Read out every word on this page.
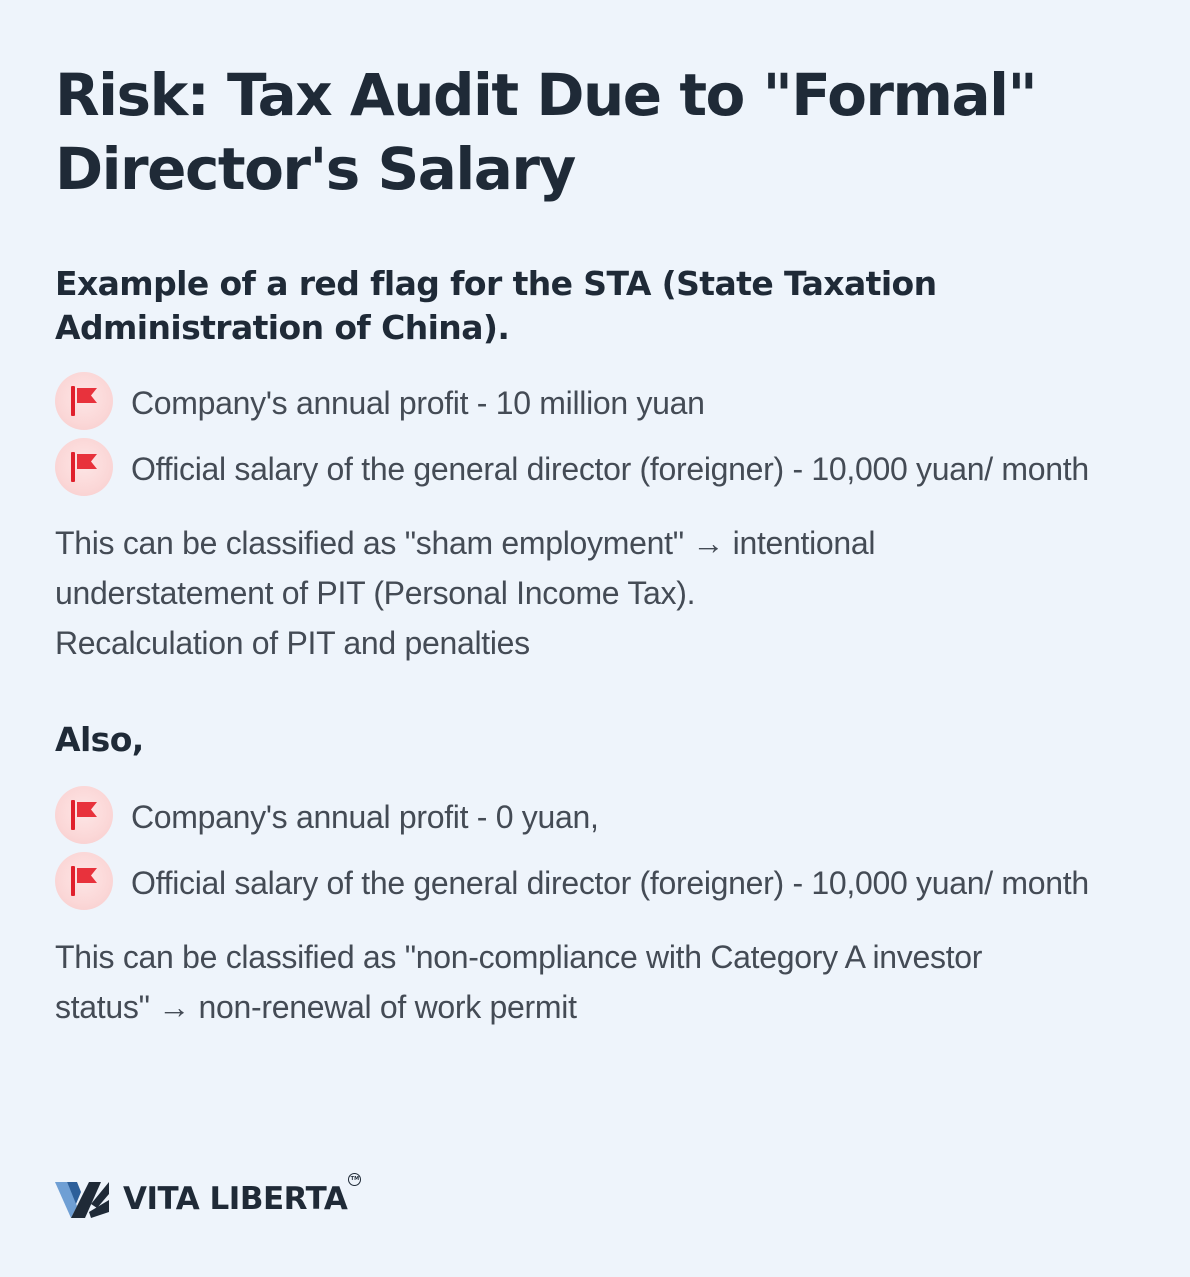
Risk: Tax Audit Due to "Formal" Director's Salary
Example of a red flag for the STA (State Taxation Administration of China).
Company's annual profit - 10 million yuan
Official salary of the general director (foreigner) - 10,000 yuan/ month

This can be classified as "sham employment" → intentional
understatement of PIT (Personal Income Tax).
Recalculation of PIT and penalties

Also,
Company's annual profit - 0 yuan,
Official salary of the general director (foreigner) - 10,000 yuan/ month

This can be classified as "non-compliance with Category A investor
status" → non-renewal of work permit

VITA LIBERTA
TM
